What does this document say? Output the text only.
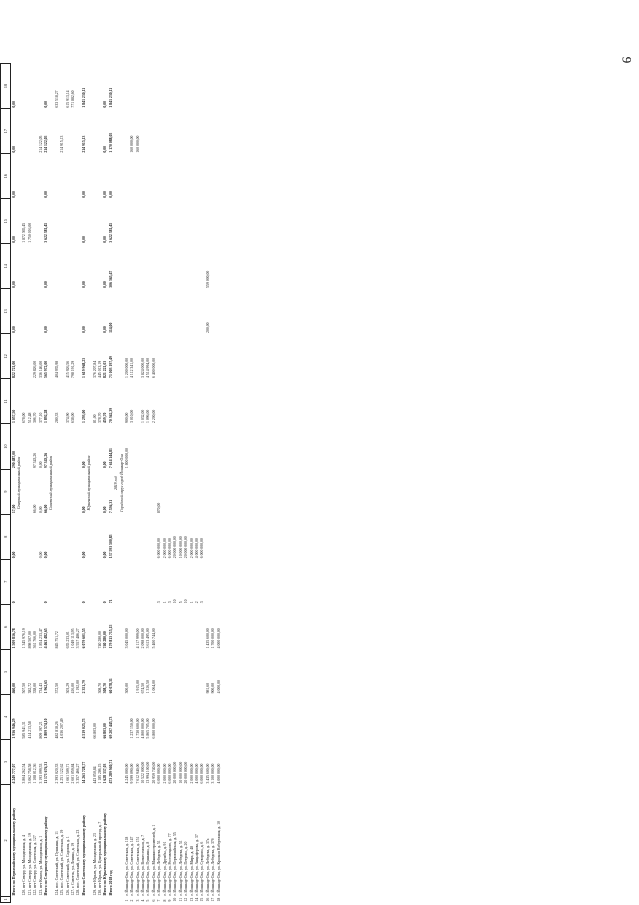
9
1	2	3	4	5	6	7	8	9	10	11	12	13	14	15	16	17	18
	Итого по Первомайскому муниципальному району	4 249 777,07	1 936 946,29	460,00	1 509 816,78	0	0,00	17,00	290 487,00	1 057,50	822 721,00	0,00	0,00	0,00	0,00	0,00	0,00
Северный муниципальный район																	
	120. пгт Северу, ул. Молодежная, д. 4	3 804 262,54	585 941,31	507,50	1 345 976,19					678,00				1 872 365,45			
	121. пгт Северу, ул. Молодежная, д. 19	3 062 758,58	414 213,58	382,72	898 507,00					512,48				1 750 016,00			
	122. пгт Северу, ул. Советская, д. 127	1 108 012,36		338,00	361 766,00			66,00	97 343,26	306,70	229 826,00						
	123. пгт Кеном, ул. Молодежная, д. 1	3 193 099,53	809 197,21	734,43	1 854 233,47		0,00	0,00	0,00	377,10	336 146,00					214 122,05	
	Итого по Северному муниципальному району	11 171 676,31	1 809 574,10	1 962,65	4 463 482,65	0	0,00	66,00	97 343,26	1 892,28	565 972,00	0,00	0,00	3 622 381,45	0,00	214 122,05	0,00
Советский муниципальный район																	
	124. пос. Советский, ул. Пушкина, д. 11	2 393 020,33	482 818,26	372,50	845 751,72					280,33	404 935,98						633 518,27
	125. пос. Советский, ул. Советская, д. 19	4 251 122,62	4 036 207,49													214 915,13	
	126. пгт Советский, ул. Садовая, д. 1	1 661 509,71		303,29	635 233,01					374,90	415 926,56						615 913,14
	127. г. Советск, ул. Ленина, д. 19	2 601 059,84		416,00	1 049 113,95					638,00	798 191,29						771 882,60
	128. пос. Советский, ул. Советская, д. 23	3 357 466,27		1 192,00	3 557 486,27												
	Итого по Советскому муниципальному району	14 263 728,77	4 519 025,75	2 351,79	6 079 601,55	0	0,00	0,00	0,00	1 293,00	1 619 968,23	0,00	0,00	0,00	0,00	214 915,13	1 841 230,11
Юрьевский муниципальный район																	
	129. пгт Юрьев, ул. Молодежная, д. 23	443 050,84	66 803,00							81,00	376 207,84						
	130. пгт Юрьев, ул. Центральный проезд, д. 7	1 185 286,15		308,70	740 280,00					378,70	445 013,19						
	Итого по Юрьевскому муниципальному району	1 628 337,03	66 803,00	308,70	740 280,00	0	0,00	0,00	0,00	459,70	821 221,03	0,00	0,00	0,00	0,00	0,00	0,00
	Итого 2018 год	473 289 940,71	69 207 445,73	60 078,31	179 813 715,15	71	137 593 500,85	7 536,31	7 614 144,81	70 362,39	71 003 197,49	114,00	306 365,47	3 622 381,45	0,00	1 170 088,05	1 841 230,11
2019 год																	
Городской округ город Йошкар-Ола																	
1	г. Йошкар-Ола, ул. Советская, д. 118	4 245 000,00		300,00	3 045 000,00				1 800 000,00	900,00	1 200 000,00						
2	г. Йошкар-Ола, ул. Советская, д. 147	9 599 090,00	1 237 150,00							3 010,00	4 112 341,00					160 000,00	
3	г. Йошкар-Ола, ул. Советская, д. 151	7 612 940,00	1 730 600,00	1 915,00	4 117 999,00											160 000,00	
4	г. Йошкар-Ола, ул. Вознесенская, д. 7	10 522 000,00	4 800 000,00	674,50	2 098 000,00					1 032,00	3 824 000,00						
5	г. Йошкар-Ола, ул. Пушкина, д. 8	13 994 100,00	5 865 705,00	1 316,50	3 613 495,00					1 096,00	4 514 994,00						
6	г. Йошкар-Ола, ул. Машиностроителей, д. 1	20 959 740,00	6 800 000,00	1 064,00	5 400 744,00					2 200,00	6 400 000,00						
7	г. Йошкар-Ола, ул. Лебедева, д. 51	6 000 000,00				3	6 000 000,00	870,00									
8	г. Йошкар-Ола, ул. Дружбы, д. 91	2 000 000,00				1	2 000 000,00										
9	г. Йошкар-Ола, ул. Ростовецкого, д. 77	6 000 000,00				3	6 000 000,00										
10	г. Йошкар-Ола, ул. Первомайская, д. 55	20 000 000,00				10	20 000 000,00										
11	г. Йошкар-Ола, ул. Лебедева, д. 51	10 000 000,00				5	10 000 000,00										
12	г. Йошкар-Ола, ул. Петрова, д. 20	20 000 000,00				10	20 000 000,00										
13	г. Йошкар-Ола, ул. Мира, д. 48	2 000 000,00				1	2 000 000,00										
14	г. Йошкар-Ола, ул. Анцыферова, д. 37	4 000 000,00				2	4 000 000,00										
15	г. Йошкар-Ола, ул. Суворова, д. 6	6 000 000,00				3	6 000 000,00										
16	г. Йошкар-Ола, ул. Лебедева, д. 37а	3 435 600,00		981,60	1 435 600,00							200,00	559 000,00				
17	г. Йошкар-Ола, ул. Лебедева, д. 37б	3 100 000,00		900,00	1 700 000,00												
18	г. Йошкар-Ола, ул. Красная Набережная, д. 10	4 000 000,00		4 000,00	4 000 000,00												
